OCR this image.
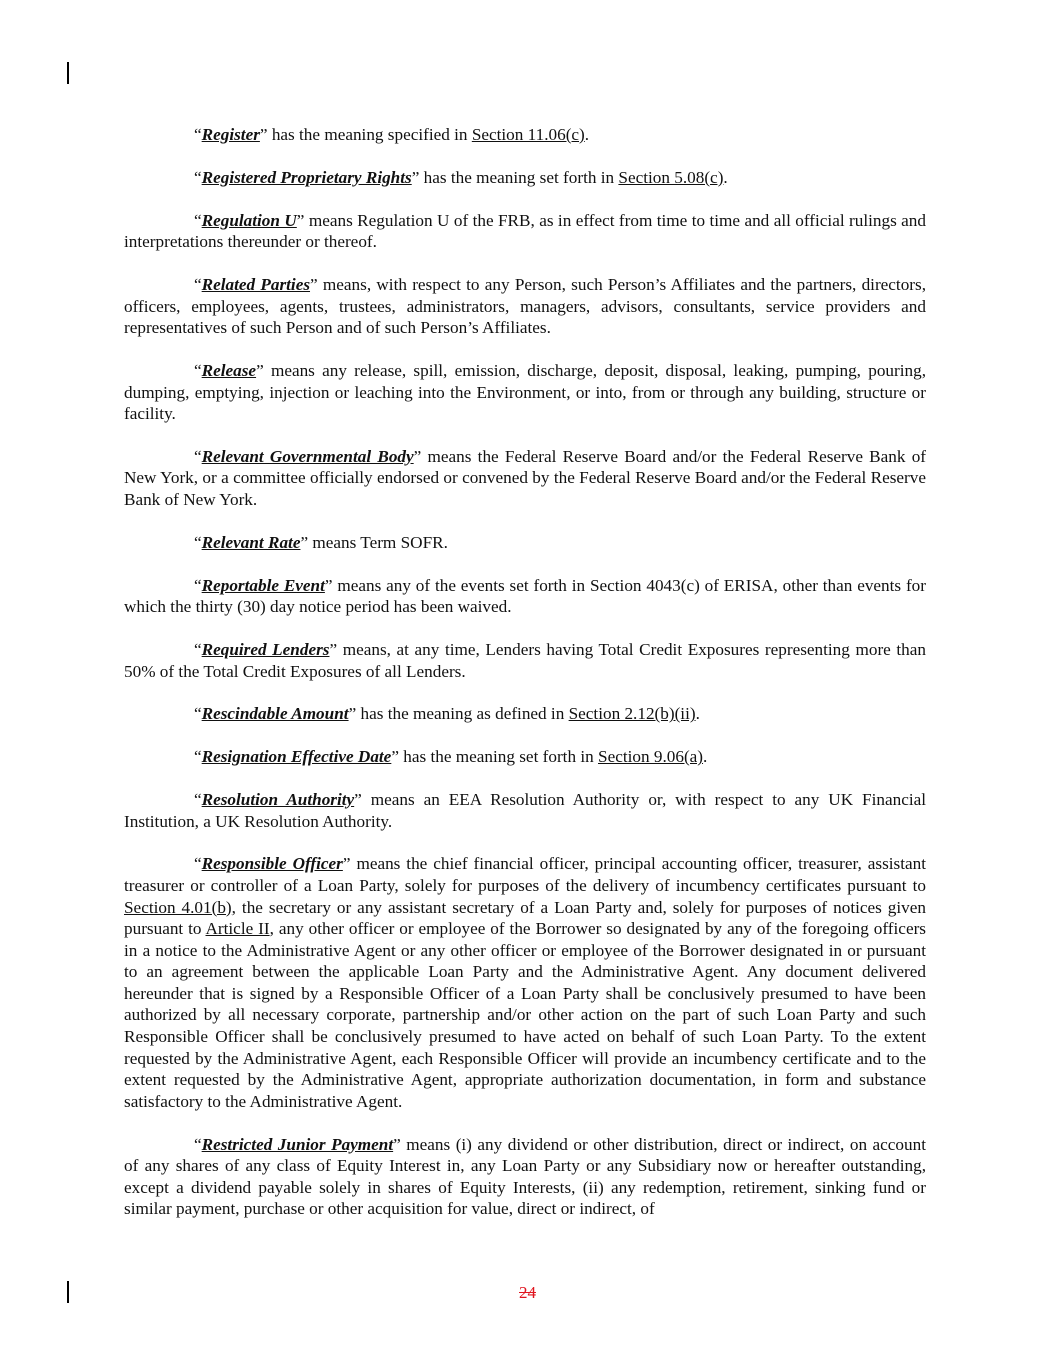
“Register” has the meaning specified in Section 11.06(c).

“Registered Proprietary Rights” has the meaning set forth in Section 5.08(c).

“Regulation U” means Regulation U of the FRB, as in effect from time to time and all official rulings and interpretations thereunder or thereof.

“Related Parties” means, with respect to any Person, such Person’s Affiliates and the partners, directors, officers, employees, agents, trustees, administrators, managers, advisors, consultants, service providers and representatives of such Person and of such Person’s Affiliates.

“Release” means any release, spill, emission, discharge, deposit, disposal, leaking, pumping, pouring, dumping, emptying, injection or leaching into the Environment, or into, from or through any building, structure or facility.

“Relevant Governmental Body” means the Federal Reserve Board and/or the Federal Reserve Bank of New York, or a committee officially endorsed or convened by the Federal Reserve Board and/or the Federal Reserve Bank of New York.

“Relevant Rate” means Term SOFR.

“Reportable Event” means any of the events set forth in Section 4043(c) of ERISA, other than events for which the thirty (30) day notice period has been waived.

“Required Lenders” means, at any time, Lenders having Total Credit Exposures representing more than 50% of the Total Credit Exposures of all Lenders.

“Rescindable Amount” has the meaning as defined in Section 2.12(b)(ii).

“Resignation Effective Date” has the meaning set forth in Section 9.06(a).

“Resolution Authority” means an EEA Resolution Authority or, with respect to any UK Financial Institution, a UK Resolution Authority.

“Responsible Officer” means the chief financial officer, principal accounting officer, treasurer, assistant treasurer or controller of a Loan Party, solely for purposes of the delivery of incumbency certificates pursuant to Section 4.01(b), the secretary or any assistant secretary of a Loan Party and, solely for purposes of notices given pursuant to Article II, any other officer or employee of the Borrower so designated by any of the foregoing officers in a notice to the Administrative Agent or any other officer or employee of the Borrower designated in or pursuant to an agreement between the applicable Loan Party and the Administrative Agent. Any document delivered hereunder that is signed by a Responsible Officer of a Loan Party shall be conclusively presumed to have been authorized by all necessary corporate, partnership and/or other action on the part of such Loan Party and such Responsible Officer shall be conclusively presumed to have acted on behalf of such Loan Party. To the extent requested by the Administrative Agent, each Responsible Officer will provide an incumbency certificate and to the extent requested by the Administrative Agent, appropriate authorization documentation, in form and substance satisfactory to the Administrative Agent.

“Restricted Junior Payment” means (i) any dividend or other distribution, direct or indirect, on account of any shares of any class of Equity Interest in, any Loan Party or any Subsidiary now or hereafter outstanding, except a dividend payable solely in shares of Equity Interests, (ii) any redemption, retirement, sinking fund or similar payment, purchase or other acquisition for value, direct or indirect, of

24
